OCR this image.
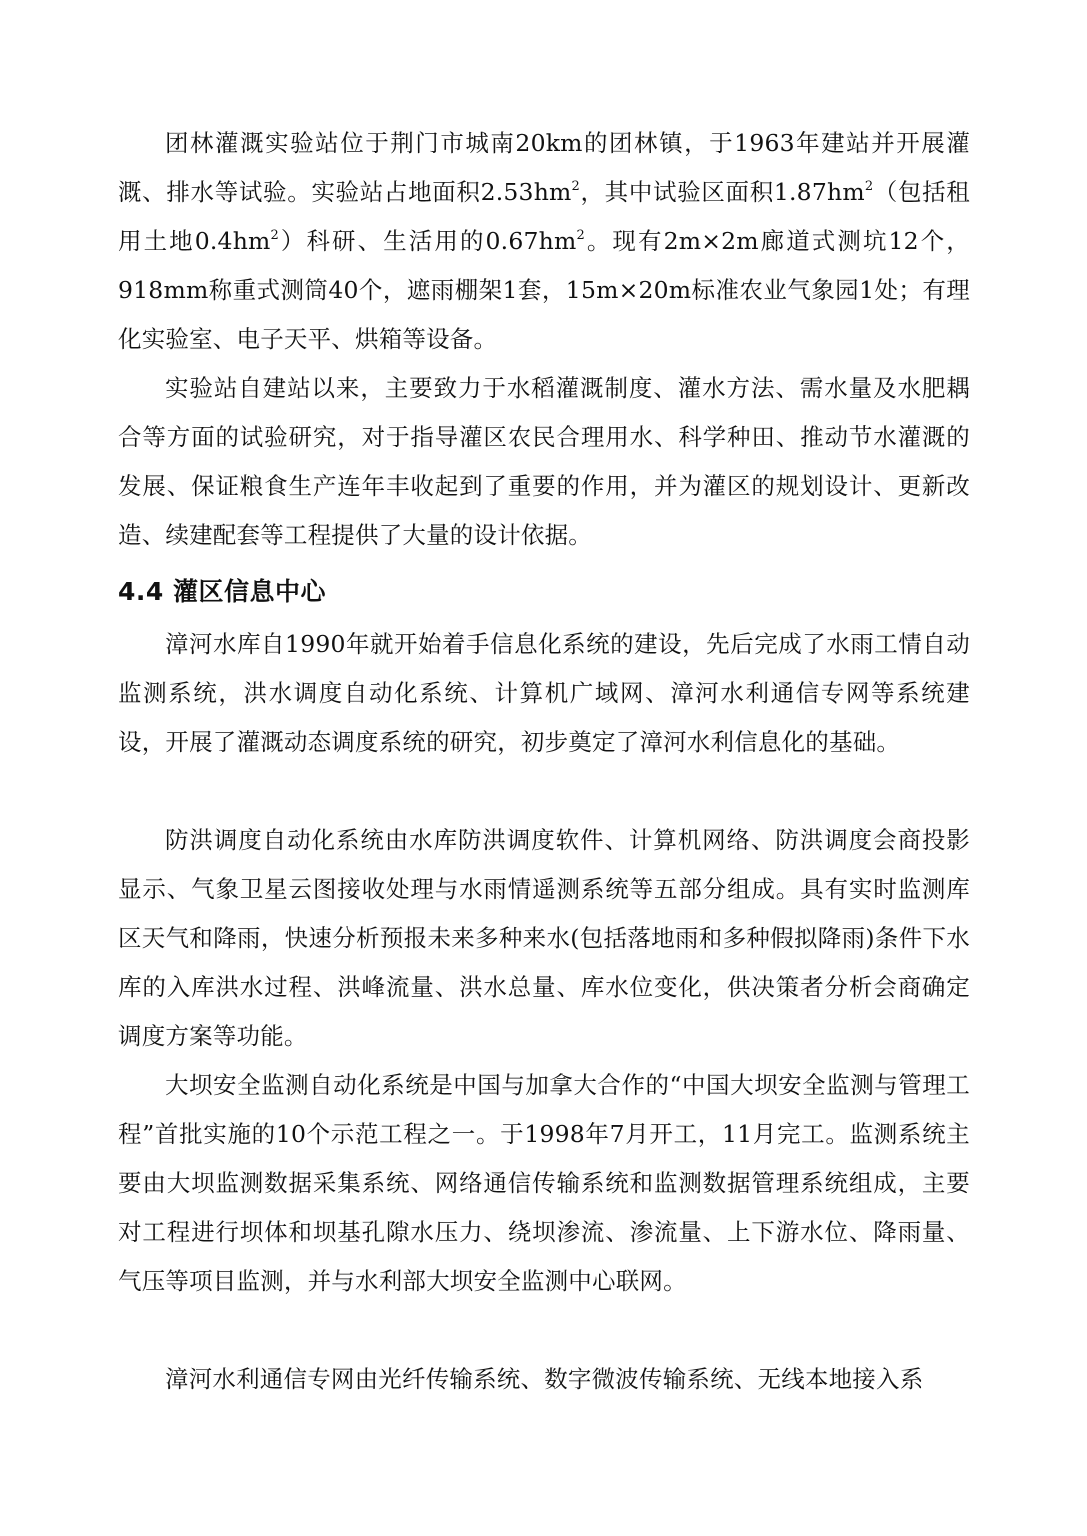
团林灌溉实验站位于荆门市城南20km的团林镇，于1963年建站并开展灌溉、排水等试验。实验站占地面积$2.53hm^2$，其中试验区面积$1.87hm^2$（包括租用土地$0.4hm^2$）科研、生活用的$0.67hm^2$。现有2m×2m廊道式测坑12个，918mm称重式测筒40个，遮雨棚架1套，15m×20m标准农业气象园1处；有理化实验室、电子天平、烘箱等设备。

实验站自建站以来，主要致力于水稻灌溉制度、灌水方法、需水量及水肥耦合等方面的试验研究，对于指导灌区农民合理用水、科学种田、推动节水灌溉的发展、保证粮食生产连年丰收起到了重要的作用，并为灌区的规划设计、更新改造、续建配套等工程提供了大量的设计依据。

4.4 灌区信息中心

漳河水库自1990年就开始着手信息化系统的建设，先后完成了水雨工情自动监测系统，洪水调度自动化系统、计算机广域网、漳河水利通信专网等系统建设，开展了灌溉动态调度系统的研究，初步奠定了漳河水利信息化的基础。

防洪调度自动化系统由水库防洪调度软件、计算机网络、防洪调度会商投影显示、气象卫星云图接收处理与水雨情遥测系统等五部分组成。具有实时监测库区天气和降雨，快速分析预报未来多种来水(包括落地雨和多种假拟降雨)条件下水库的入库洪水过程、洪峰流量、洪水总量、库水位变化，供决策者分析会商确定调度方案等功能。

大坝安全监测自动化系统是中国与加拿大合作的“中国大坝安全监测与管理工程”首批实施的10个示范工程之一。于1998年7月开工，11月完工。监测系统主要由大坝监测数据采集系统、网络通信传输系统和监测数据管理系统组成，主要对工程进行坝体和坝基孔隙水压力、绕坝渗流、渗流量、上下游水位、降雨量、气压等项目监测，并与水利部大坝安全监测中心联网。

漳河水利通信专网由光纤传输系统、数字微波传输系统、无线本地接入系
